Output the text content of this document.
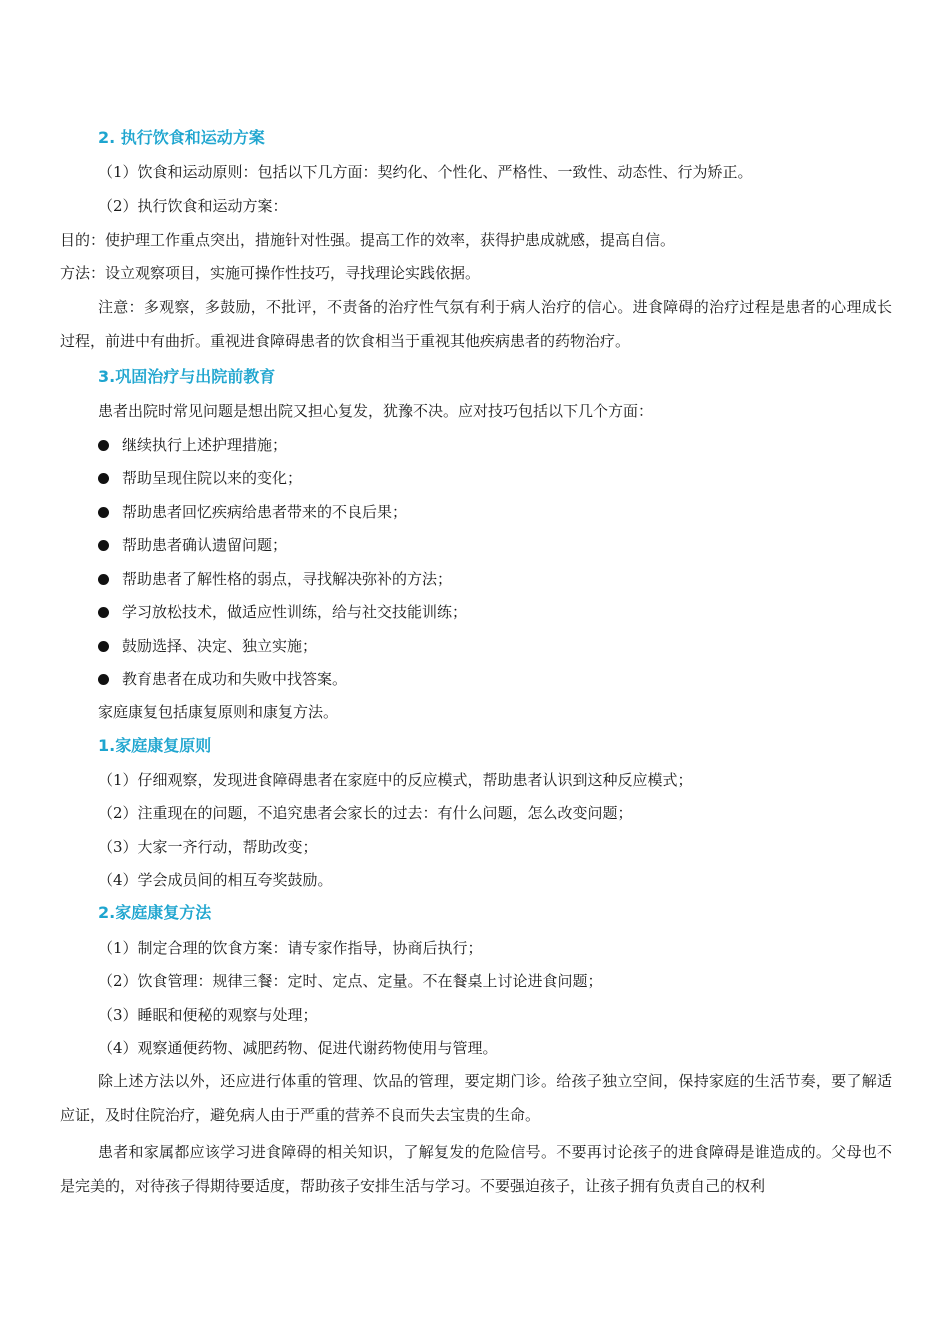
2. 执行饮食和运动方案
（1）饮食和运动原则：包括以下几方面：契约化、个性化、严格性、一致性、动态性、行为矫正。
（2）执行饮食和运动方案：
目的：使护理工作重点突出，措施针对性强。提高工作的效率，获得护患成就感，提高自信。
方法：设立观察项目，实施可操作性技巧，寻找理论实践依据。
注意：多观察，多鼓励，不批评，不责备的治疗性气氛有利于病人治疗的信心。进食障碍的治疗过程是患者的心理成长过程，前进中有曲折。重视进食障碍患者的饮食相当于重视其他疾病患者的药物治疗。
3.巩固治疗与出院前教育
患者出院时常见问题是想出院又担心复发，犹豫不决。应对技巧包括以下几个方面：
继续执行上述护理措施；
帮助呈现住院以来的变化；
帮助患者回忆疾病给患者带来的不良后果；
帮助患者确认遗留问题；
帮助患者了解性格的弱点，寻找解决弥补的方法；
学习放松技术，做适应性训练，给与社交技能训练；
鼓励选择、决定、独立实施；
教育患者在成功和失败中找答案。
家庭康复包括康复原则和康复方法。
1.家庭康复原则
（1）仔细观察，发现进食障碍患者在家庭中的反应模式，帮助患者认识到这种反应模式；
（2）注重现在的问题，不追究患者会家长的过去：有什么问题，怎么改变问题；
（3）大家一齐行动，帮助改变；
（4）学会成员间的相互夸奖鼓励。
2.家庭康复方法
（1）制定合理的饮食方案：请专家作指导，协商后执行；
（2）饮食管理：规律三餐：定时、定点、定量。不在餐桌上讨论进食问题；
（3）睡眠和便秘的观察与处理；
（4）观察通便药物、减肥药物、促进代谢药物使用与管理。
除上述方法以外，还应进行体重的管理、饮品的管理，要定期门诊。给孩子独立空间，保持家庭的生活节奏，要了解适应证，及时住院治疗，避免病人由于严重的营养不良而失去宝贵的生命。
患者和家属都应该学习进食障碍的相关知识，了解复发的危险信号。不要再讨论孩子的进食障碍是谁造成的。父母也不是完美的，对待孩子得期待要适度，帮助孩子安排生活与学习。不要强迫孩子，让孩子拥有负责自己的权利
